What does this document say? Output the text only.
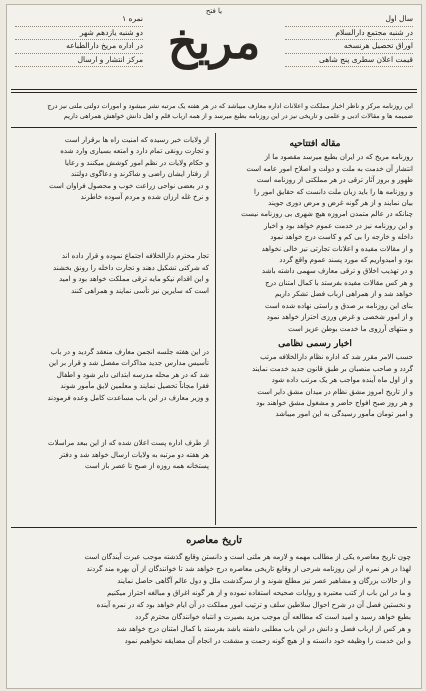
سال اول
در شنبه مجتمع دارالسلام
اوراق تحصیل هرنسخه
قیمت اعلان سطری پنج شاهی
یا فتح
مریخ
نمره ۱
دو شنبه یازدهم شهر
در اداره مریخ دارالطباعه
مرکز انتشار و ارسال
این روزنامه مرکز و ناظر اخبار مملکت و اعلانات اداره معارف میباشد که در هر هفته یک مرتبه نشر میشود و امورات دولتی ملتی نیز درج
ضمیمه ها و مقالات ادبی و علمی و تاریخی نیز در این روزنامه بطبع میرسد و از همه ارباب قلم و اهل دانش خواهش همراهی داریم

مقاله افتتاحیه

روزنامه مریخ که در ایران بطبع میرسد مقصود ما از

انتشار آن خدمت به ملت و دولت و اصلاح امور عامه است

ظهور و بروز آثار ترقی در هر مملکتی از روزنامه است

و روزنامه ها را باید زبان ملت دانست که حقایق امور را

بیان نمایند و از هر گونه غرض و مرض دوری جویند

چنانکه در عالم متمدن امروزه هیچ شهری بی روزنامه نیست

و این روزنامه نیز در خدمت عموم خواهد بود و اخبار

داخله و خارجه را بی کم و کاست درج خواهد نمود

و از مقالات مفیده و اعلانات تجارتی نیز خالی نخواهد

بود و امیدواریم که مورد پسند عموم واقع گردد

و در تهذیب اخلاق و ترقی معارف سهمی داشته باشد

و هر کس مقالات مفیده بفرستد با کمال امتنان درج

خواهد شد و از همراهی ارباب فضل تشکر داریم

بنای این روزنامه بر صدق و راستی نهاده شده است

و از امور شخصی و غرض ورزی احتراز خواهد نمود

و منتهای آرزوی ما خدمت بوطن عزیز است

اخبار رسمی نظامی

حسب الامر مقرر شد که اداره نظام دارالخلافه مرتب

گردد و صاحب منصبان بر طبق قانون جدید خدمت نمایند

و از اول ماه آینده مواجب هر یک مرتب داده شود

و از تاریخ امروز مشق نظام در میدان مشق دایر است

و هر روز صبح افواج حاضر و مشغول مشق خواهند بود

و امیر تومان مأمور رسیدگی به این امور میباشد

از ولایات خبر رسیده که امنیت راه ها برقرار است

و تجارت رونقی تمام دارد و امتعه بسیاری وارد شده

و حکام ولایات در نظم امور کوشش میکنند و رعایا

از رفتار ایشان راضی و شاکرند و دعاگوی دولتند

و در بعضی نواحی زراعت خوب و محصول فراوان است

و نرخ غله ارزان شده و مردم آسوده خاطرند

تجار محترم دارالخلافه اجتماع نموده و قرار داده اند

که شرکتی تشکیل دهند و تجارت داخله را رونق بخشند

و این اقدام نیکو مایه ترقی مملکت خواهد بود و امید

است که سایرین نیز تأسی نمایند و همراهی کنند

در این هفته جلسه انجمن معارف منعقد گردید و در باب

تأسیس مدارس جدید مذاکرات مفصل شد و قرار بر این

شد که در هر محله مدرسه ابتدائی دایر شود و اطفال

فقرا مجاناً تحصیل نمایند و معلمین لایق مأمور شوند

و وزیر معارف در این باب مساعدت کامل وعده فرمودند

از طرف اداره پست اعلان شده که از این ببعد مراسلات

هر هفته دو مرتبه به ولایات ارسال خواهد شد و دفتر

پستخانه همه روزه از صبح تا عصر باز است

تاریخ معاصره

چون تاریخ معاصره یکی از مطالب مهمه و لازمه هر ملتی است و دانستن وقایع گذشته موجب عبرت آیندگان است

لهذا در هر نمره از این روزنامه شرحی از وقایع تاریخی معاصره درج خواهد شد تا خوانندگان از آن بهره مند گردند

و از حالات بزرگان و مشاهیر عصر نیز مطلع شوند و از سرگذشت ملل و دول عالم آگاهی حاصل نمایند

و ما در این باب از کتب معتبره و روایات صحیحه استفاده نموده و از هر گونه اغراق و مبالغه احتراز میکنیم

و نخستین فصل آن در شرح احوال سلاطین سلف و ترتیب امور مملکت در آن ایام خواهد بود که در نمره آینده

بطبع خواهد رسید و امید است که مطالعه آن موجب مزید بصیرت و انتباه خوانندگان محترم گردد

و هر کس از ارباب فضل و دانش در این باب مطلبی داشته باشد بفرستد با کمال امتنان درج خواهد شد

و این خدمت را وظیفه خود دانسته و از هیچ گونه زحمت و مشقت در انجام آن مضایقه نخواهیم نمود
